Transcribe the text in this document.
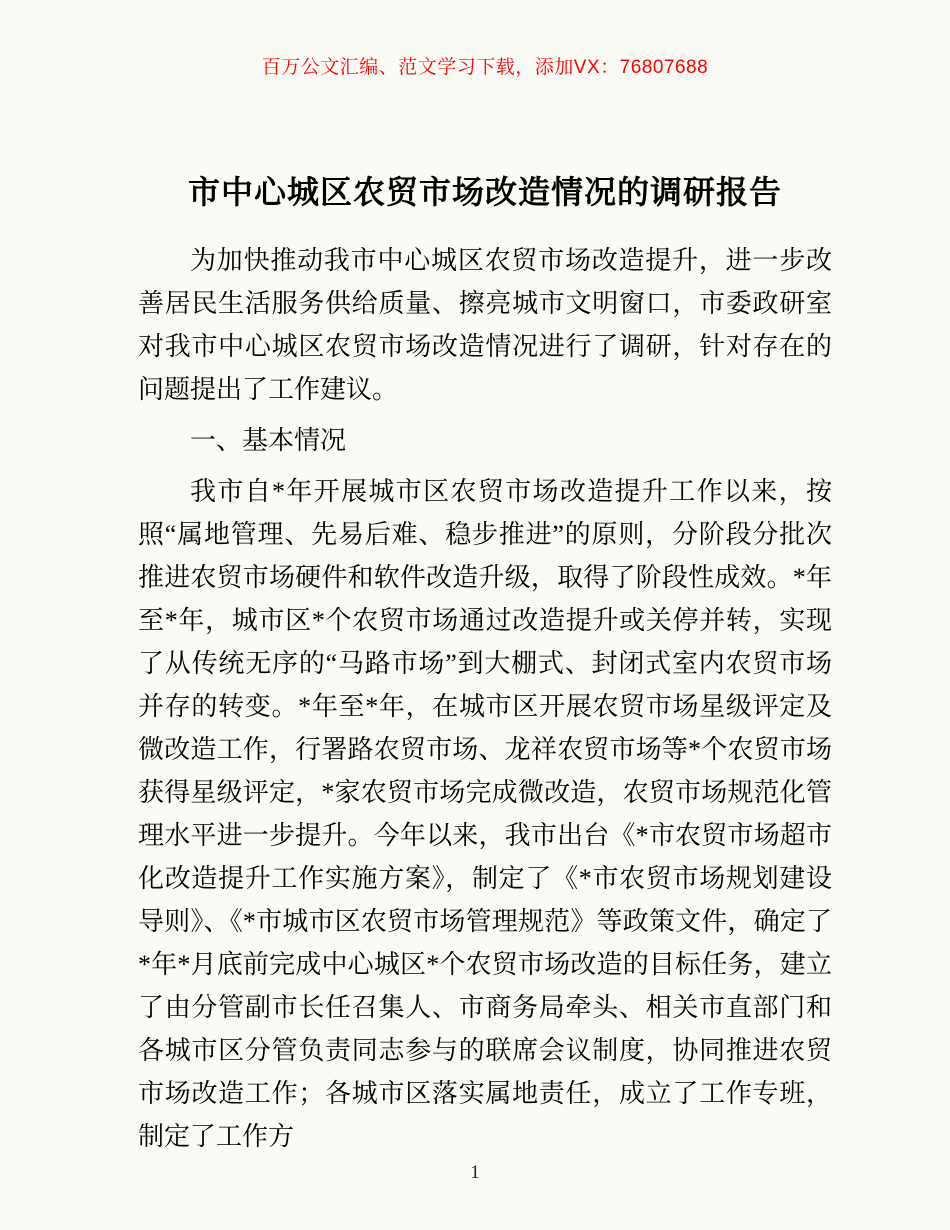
百万公文汇编、范文学习下载，添加VX：76807688
市中心城区农贸市场改造情况的调研报告

为加快推动我市中心城区农贸市场改造提升，进一步改善居民生活服务供给质量、擦亮城市文明窗口，市委政研室对我市中心城区农贸市场改造情况进行了调研，针对存在的问题提出了工作建议。

一、基本情况

我市自*年开展城市区农贸市场改造提升工作以来，按照“属地管理、先易后难、稳步推进”的原则，分阶段分批次推进农贸市场硬件和软件改造升级，取得了阶段性成效。*年至*年，城市区*个农贸市场通过改造提升或关停并转，实现了从传统无序的“马路市场”到大棚式、封闭式室内农贸市场并存的转变。*年至*年，在城市区开展农贸市场星级评定及微改造工作，行署路农贸市场、龙祥农贸市场等*个农贸市场获得星级评定，*家农贸市场完成微改造，农贸市场规范化管理水平进一步提升。今年以来，我市出台《*市农贸市场超市化改造提升工作实施方案》，制定了《*市农贸市场规划建设导则》、《*市城市区农贸市场管理规范》等政策文件，确定了*年*月底前完成中心城区*个农贸市场改造的目标任务，建立了由分管副市长任召集人、市商务局牵头、相关市直部门和各城市区分管负责同志参与的联席会议制度，协同推进农贸市场改造工作；各城市区落实属地责任，成立了工作专班，制定了工作方

1
